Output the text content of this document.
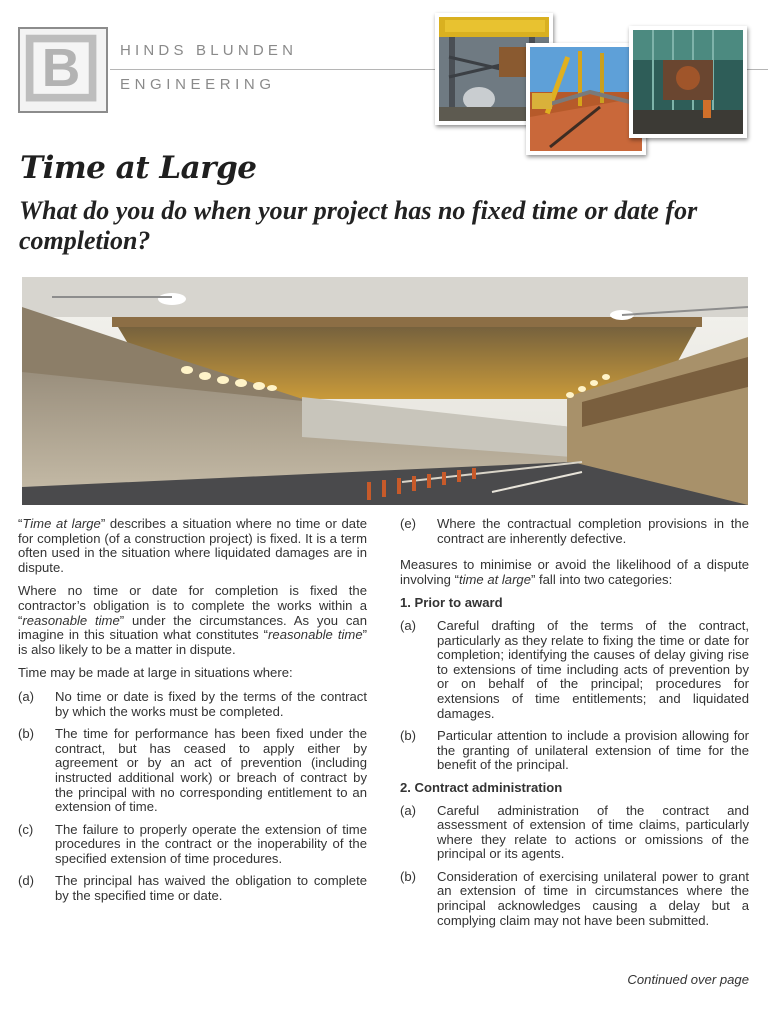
B	HINDS BLUNDEN
ENGINEERING
Time at Large
What do you do when your project has no fixed time or date for completion?

“Time at large” describes a situation where no time or date for completion (of a construction project) is fixed. It is a term often used in the situation where liquidated damages are in dispute.

Where no time or date for completion is fixed the contractor’s obligation is to complete the works within a “reasonable time” under the circumstances. As you can imagine in this situation what constitutes “reasonable time” is also likely to be a matter in dispute.

Time may be made at large in situations where:

(a)	No time or date is fixed by the terms of the contract by which the works must be completed.
(b)	The time for performance has been fixed under the contract, but has ceased to apply either by agreement or by an act of prevention (including instructed additional work) or breach of contract by the principal with no corresponding entitlement to an extension of time.
(c)	The failure to properly operate the extension of time procedures in the contract or the inoperability of the specified extension of time procedures.
(d)	The principal has waived the obligation to complete by the specified time or date.
(e)	Where the contractual completion provisions in the contract are inherently defective.

Measures to minimise or avoid the likelihood of a dispute involving “time at large” fall into two categories:

1. Prior to award
(a)	Careful drafting of the terms of the contract, particularly as they relate to fixing the time or date for completion; identifying the causes of delay giving rise to extensions of time including acts of prevention by or on behalf of the principal; procedures for extensions of time entitlements; and liquidated damages.
(b)	Particular attention to include a provision allowing for the granting of unilateral extension of time for the benefit of the principal.
2. Contract administration
(a)	Careful administration of the contract and assessment of extension of time claims, particularly where they relate to actions or omissions of the principal or its agents.
(b)	Consideration of exercising unilateral power to grant an extension of time in circumstances where the principal acknowledges causing a delay but a complying claim may not have been submitted.
Continued over page
